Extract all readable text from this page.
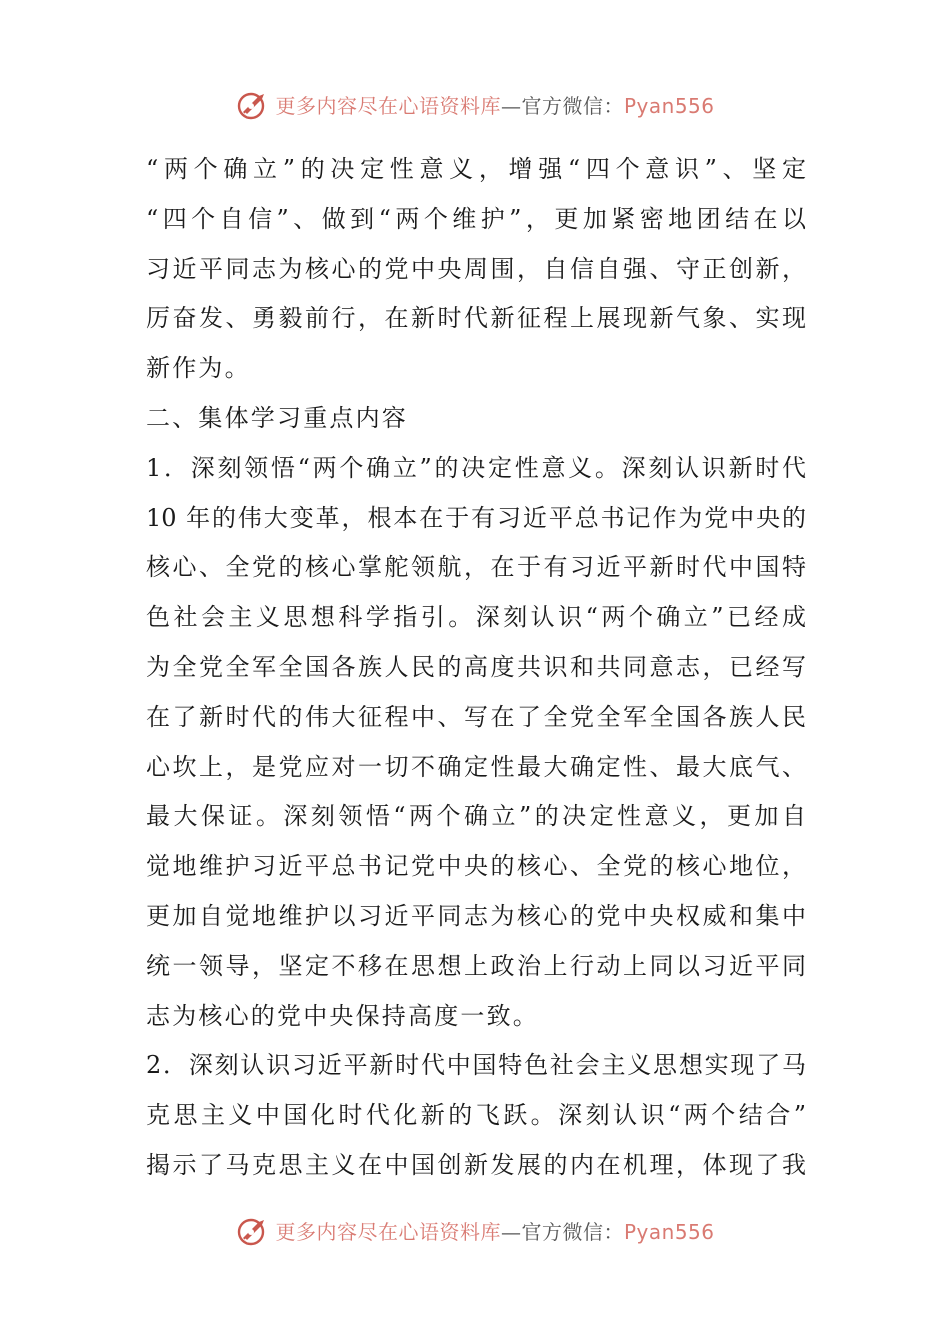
更多内容尽在心语资料库—官方微信：Pyan556
“两个确立”的决定性意义，增强“四个意识”、坚定
“四个自信”、做到“两个维护”，更加紧密地团结在以
习近平同志为核心的党中央周围，自信自强、守正创新，
厉奋发、勇毅前行，在新时代新征程上展现新气象、实现
新作为。
二、集体学习重点内容
1．深刻领悟“两个确立”的决定性意义。深刻认识新时代
10 年的伟大变革，根本在于有习近平总书记作为党中央的
核心、全党的核心掌舵领航，在于有习近平新时代中国特
色社会主义思想科学指引。深刻认识“两个确立”已经成
为全党全军全国各族人民的高度共识和共同意志，已经写
在了新时代的伟大征程中、写在了全党全军全国各族人民
心坎上，是党应对一切不确定性最大确定性、最大底气、
最大保证。深刻领悟“两个确立”的决定性意义，更加自
觉地维护习近平总书记党中央的核心、全党的核心地位，
更加自觉地维护以习近平同志为核心的党中央权威和集中
统一领导，坚定不移在思想上政治上行动上同以习近平同
志为核心的党中央保持高度一致。
2．深刻认识习近平新时代中国特色社会主义思想实现了马
克思主义中国化时代化新的飞跃。深刻认识“两个结合”
揭示了马克思主义在中国创新发展的内在机理，体现了我
更多内容尽在心语资料库—官方微信：Pyan556
